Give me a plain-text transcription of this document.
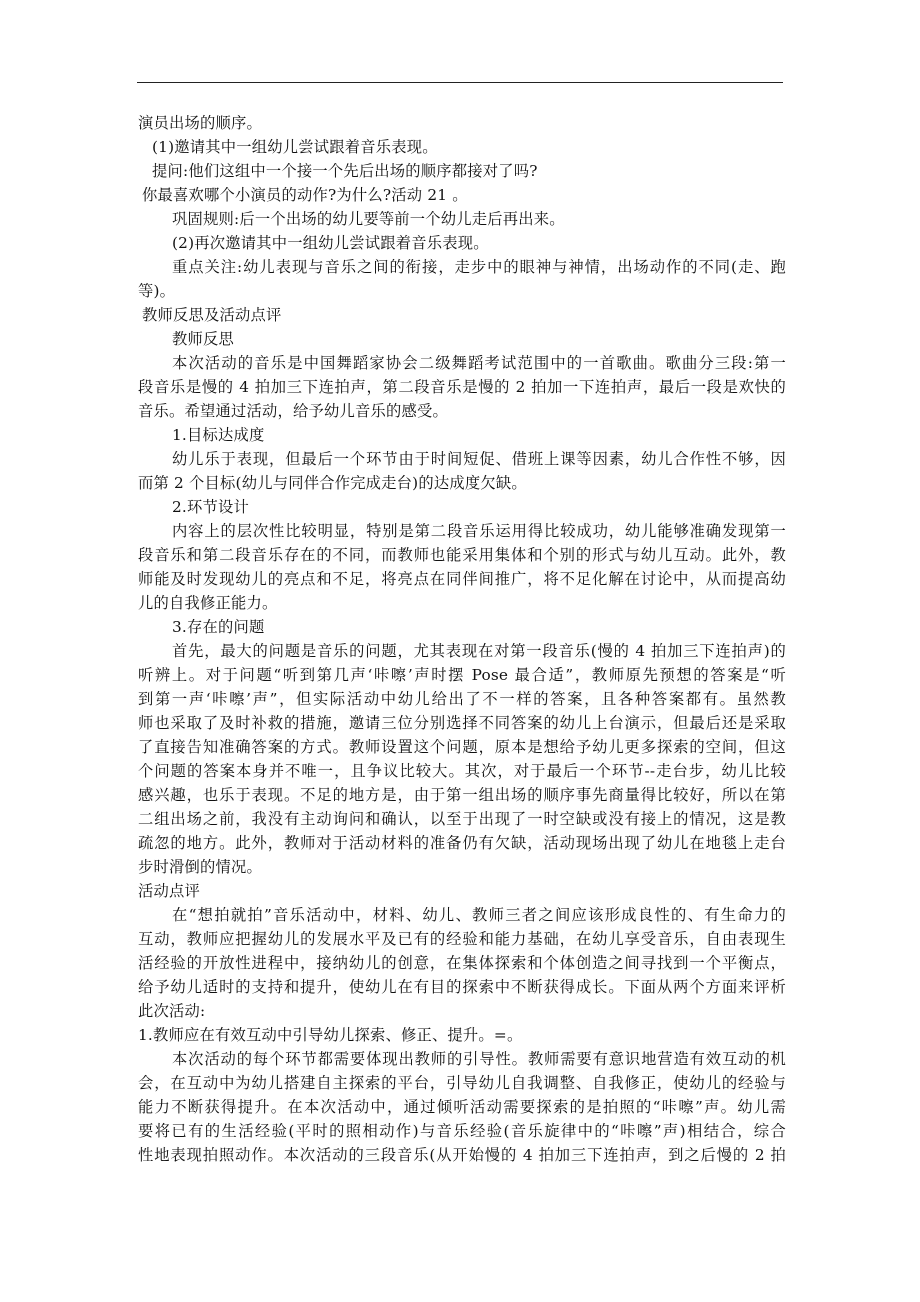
演员出场的顺序。
(1)邀请其中一组幼儿尝试跟着音乐表现。
提问:他们这组中一个接一个先后出场的顺序都接对了吗?
你最喜欢哪个小演员的动作?为什么?活动 21 。
巩固规则:后一个出场的幼儿要等前一个幼儿走后再出来。
(2)再次邀请其中一组幼儿尝试跟着音乐表现。
重点关注:幼儿表现与音乐之间的衔接，走步中的眼神与神情，出场动作的不同(走、跑
等)。
教师反思及活动点评
教师反思
本次活动的音乐是中国舞蹈家协会二级舞蹈考试范围中的一首歌曲。歌曲分三段:第一
段音乐是慢的 4 拍加三下连拍声，第二段音乐是慢的 2 拍加一下连拍声，最后一段是欢快的
音乐。希望通过活动，给予幼儿音乐的感受。
1.目标达成度
幼儿乐于表现，但最后一个环节由于时间短促、借班上课等因素，幼儿合作性不够，因
而第 2 个目标(幼儿与同伴合作完成走台)的达成度欠缺。
2.环节设计
内容上的层次性比较明显，特别是第二段音乐运用得比较成功，幼儿能够准确发现第一
段音乐和第二段音乐存在的不同，而教师也能采用集体和个别的形式与幼儿互动。此外，教
师能及时发现幼儿的亮点和不足，将亮点在同伴间推广，将不足化解在讨论中，从而提高幼
儿的自我修正能力。
3.存在的问题
首先，最大的问题是音乐的问题，尤其表现在对第一段音乐(慢的 4 拍加三下连拍声)的
听辨上。对于问题“听到第几声‘咔嚓’声时摆 Pose 最合适”，教师原先预想的答案是“听
到第一声‘咔嚓’声”，但实际活动中幼儿给出了不一样的答案，且各种答案都有。虽然教
师也采取了及时补救的措施，邀请三位分别选择不同答案的幼儿上台演示，但最后还是采取
了直接告知准确答案的方式。教师设置这个问题，原本是想给予幼儿更多探索的空间，但这
个问题的答案本身并不唯一，且争议比较大。其次，对于最后一个环节--走台步，幼儿比较
感兴趣，也乐于表现。不足的地方是，由于第一组出场的顺序事先商量得比较好，所以在第
二组出场之前，我没有主动询问和确认，以至于出现了一时空缺或没有接上的情况，这是教
疏忽的地方。此外，教师对于活动材料的准备仍有欠缺，活动现场出现了幼儿在地毯上走台
步时滑倒的情况。
活动点评
在“想拍就拍”音乐活动中，材料、幼儿、教师三者之间应该形成良性的、有生命力的
互动，教师应把握幼儿的发展水平及已有的经验和能力基础，在幼儿享受音乐，自由表现生
活经验的开放性进程中，接纳幼儿的创意，在集体探索和个体创造之间寻找到一个平衡点，
给予幼儿适时的支持和提升，使幼儿在有目的探索中不断获得成长。下面从两个方面来评析
此次活动:
1.教师应在有效互动中引导幼儿探索、修正、提升。=。
本次活动的每个环节都需要体现出教师的引导性。教师需要有意识地营造有效互动的机
会，在互动中为幼儿搭建自主探索的平台，引导幼儿自我调整、自我修正，使幼儿的经验与
能力不断获得提升。在本次活动中，通过倾听活动需要探索的是拍照的“咔嚓”声。幼儿需
要将已有的生活经验(平时的照相动作)与音乐经验(音乐旋律中的“咔嚓”声)相结合，综合
性地表现拍照动作。本次活动的三段音乐(从开始慢的 4 拍加三下连拍声，到之后慢的 2 拍
